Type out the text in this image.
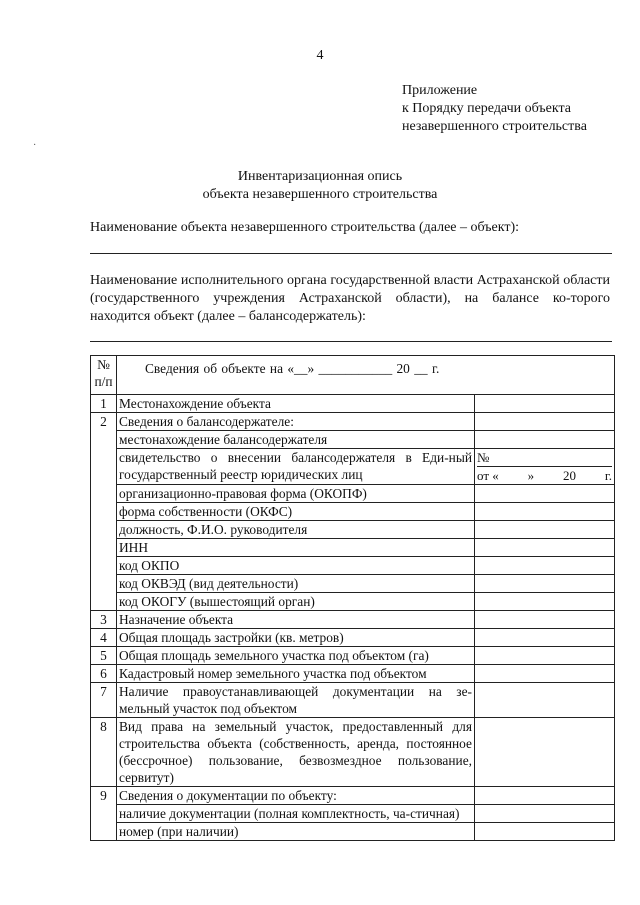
4
Приложение
к Порядку передачи объекта
незавершенного строительства
·
Инвентаризационная опись
объекта незавершенного строительства
Наименование объекта незавершенного строительства (далее – объект):
Наименование исполнительного органа государственной власти Астраханской области (государственного учреждения Астраханской области), на балансе ко-торого находится объект (далее – балансодержатель):
№
п/п	Сведения об объекте на «__» ___________ 20 __ г.	
1	Местонахождение объекта	
2	Сведения о балансодержателе:	
	местонахождение балансодержателя	
	свидетельство о внесении балансодержателя в Еди-ный государственный реестр юридических лиц	№
от « » 20 г.

	организационно-правовая форма (ОКОПФ)	
	форма собственности (ОКФС)	
	должность, Ф.И.О. руководителя	
	ИНН	
	код ОКПО	
	код ОКВЭД (вид деятельности)	
	код ОКОГУ (вышестоящий орган)	
3	Назначение объекта	
4	Общая площадь застройки (кв. метров)	
5	Общая площадь земельного участка под объектом (га)	
6	Кадастровый номер земельного участка под объектом	
7	Наличие правоустанавливающей документации на зе-мельный участок под объектом	
8	Вид права на земельный участок, предоставленный для строительства объекта (собственность, аренда, постоянное (бессрочное) пользование, безвозмездное пользование, сервитут)	
9	Сведения о документации по объекту:	
	наличие документации (полная комплектность, ча-стичная)	
	номер (при наличии)	
